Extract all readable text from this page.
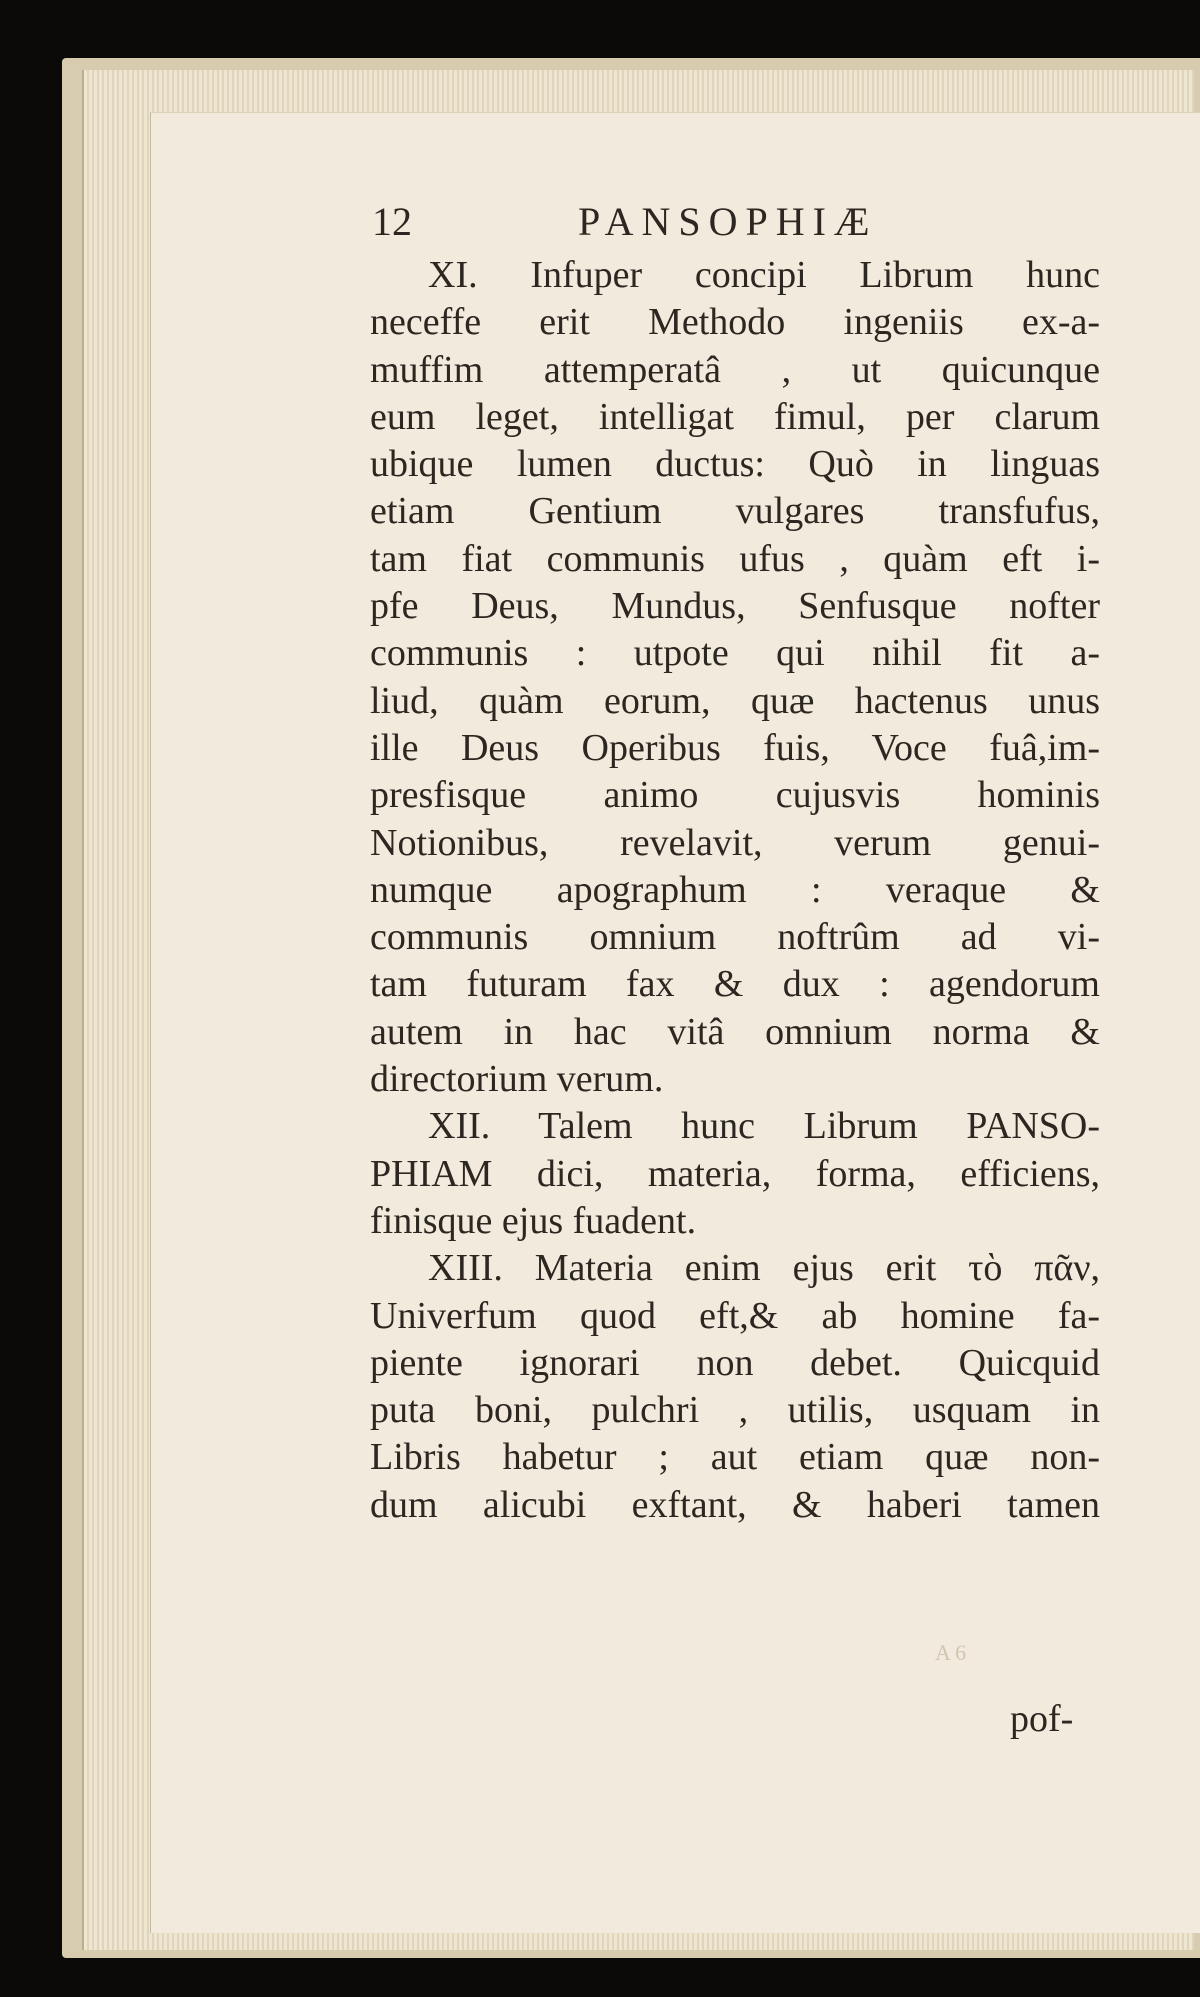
12	PANSOPHIÆ
XI. Infuper concipi Librum hunc
neceffe erit Methodo ingeniis ex-a-
muffim attemperatâ , ut quicunque
eum leget, intelligat fimul, per clarum
ubique lumen ductus: Quò in linguas
etiam Gentium vulgares transfufus,
tam fiat communis ufus , quàm eft i-
pfe Deus, Mundus, Senfusque nofter
communis : utpote qui nihil fit a-
liud, quàm eorum, quæ hactenus unus
ille Deus Operibus fuis, Voce fuâ,im-
presfisque animo cujusvis hominis
Notionibus, revelavit, verum genui-
numque apographum : veraque &
communis omnium noftrûm ad vi-
tam futuram fax & dux : agendorum
autem in hac vitâ omnium norma &
directorium verum.
XII. Talem hunc Librum PANSO-
PHIAM dici, materia, forma, efficiens,
finisque ejus fuadent.
XIII. Materia enim ejus erit τὸ πᾶν,
Univerfum quod eft,& ab homine fa-
piente ignorari non debet. Quicquid
puta boni, pulchri , utilis, usquam in
Libris habetur ; aut etiam quæ non-
dum alicubi exftant, & haberi tamen
A 6
pof-
